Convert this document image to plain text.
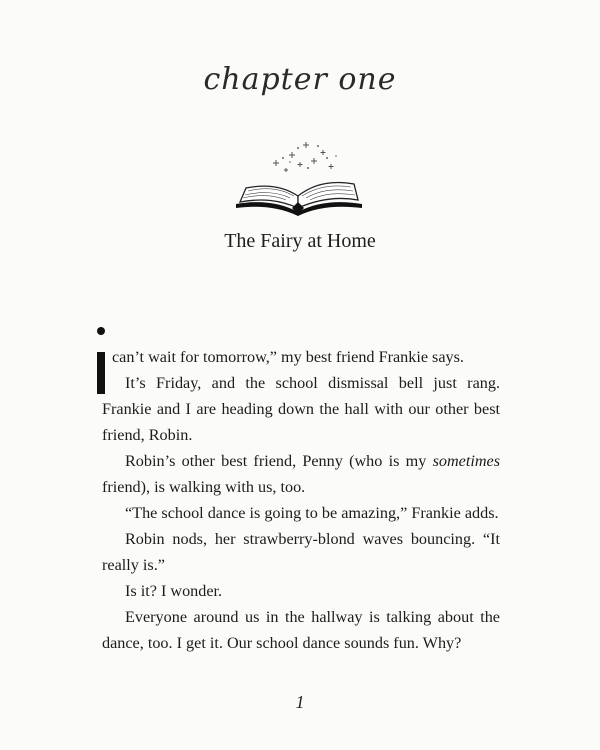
chapter one
The Fairy at Home

can’t wait for tomorrow,” my best friend Frankie says.

It’s Friday, and the school dismissal bell just rang. Frankie and I are heading down the hall with our other best friend, Robin.

Robin’s other best friend, Penny (who is my sometimes friend), is walking with us, too.

“The school dance is going to be amazing,” Frankie adds.

Robin nods, her strawberry-blond waves bouncing. “It really is.”

Is it? I wonder.

Everyone around us in the hallway is talking about the dance, too. I get it. Our school dance sounds fun. Why?

1
